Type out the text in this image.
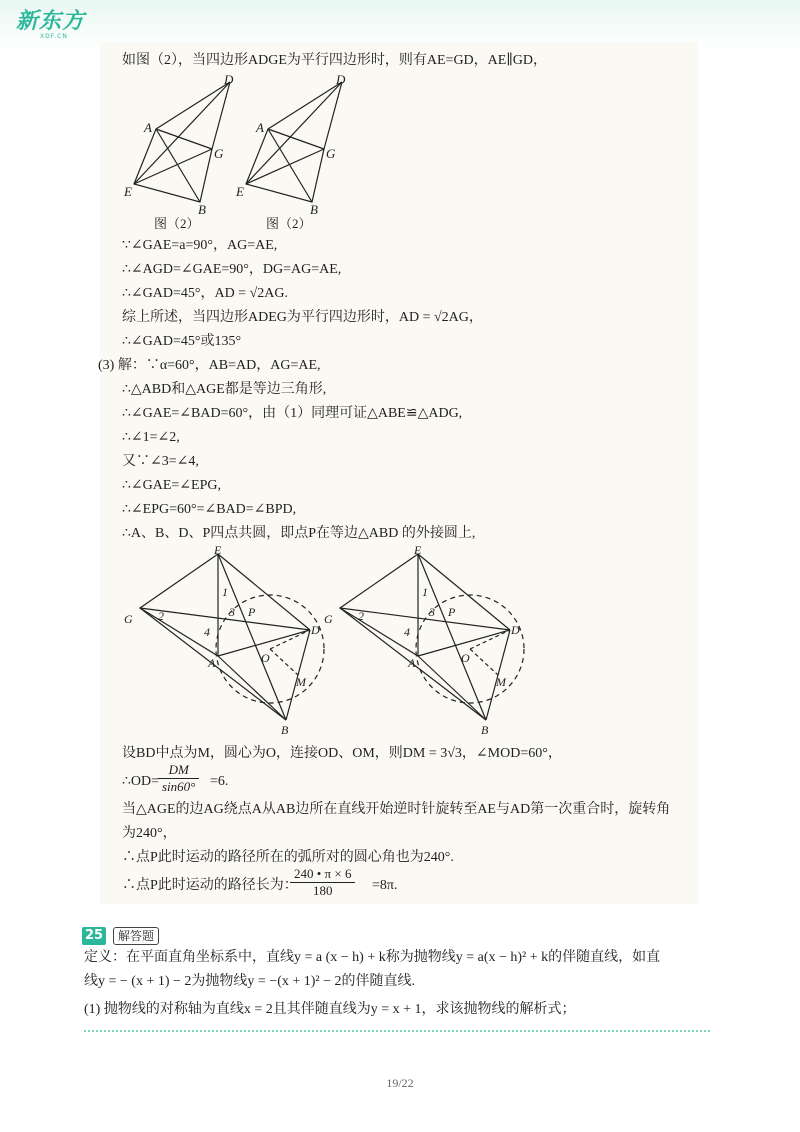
新东方
XDF.CN
如图（2），当四边形ADGE为平行四边形时，则有AE=GD，AE∥GD，
D
A
G
E
B
D
A
G
E
B
图（2）	图（2）
∵∠GAE=a=90°，AG=AE,
∴∠AGD=∠GAE=90°，DG=AG=AE,
∴∠GAD=45°，AD = √2AG.
综上所述，当四边形ADEG为平行四边形时，AD = √2AG，
∴∠GAD=45°或135°
(3) 解：∵α=60°，AB=AD，AG=AE,
∴△ABD和△AGE都是等边三角形,
∴∠GAE=∠BAD=60°，由（1）同理可证△ABE≌△ADG,
∴∠1=∠2,
又∵∠3=∠4,
∴∠GAE=∠EPG,
∴∠EPG=60°=∠BAD=∠BPD,
∴A、B、D、P四点共圆，即点P在等边△ABD 的外接圆上,
E
G
A
B
D
P
O
M
1
2	3
4
E
G
A
B
D
P
O
M
1
2	3
4
设BD中点为M，圆心为O，连接OD、OM，则DM = 3√3，∠MOD=60°，
∴OD=
$\frac{DM}{\sin 60^\circ} =6$.
当△AGE的边AG绕点A从AB边所在直线开始逆时针旋转至AE与AD第一次重合时，旋转角
为240°，
∴点P此时运动的路径所在的弧所对的圆心角也为240°.
∴点P此时运动的路径长为：
$\frac{240 • \pi \times 6}{180} =8\pi$.
25	解答题
定义：在平面直角坐标系中，直线y = a (x − h) + k称为抛物线y = a(x − h)² + k的伴随直线，如直
线y = − (x + 1) − 2为抛物线y = −(x + 1)² − 2的伴随直线.
(1) 抛物线的对称轴为直线x = 2且其伴随直线为y = x + 1，求该抛物线的解析式；
19/22
